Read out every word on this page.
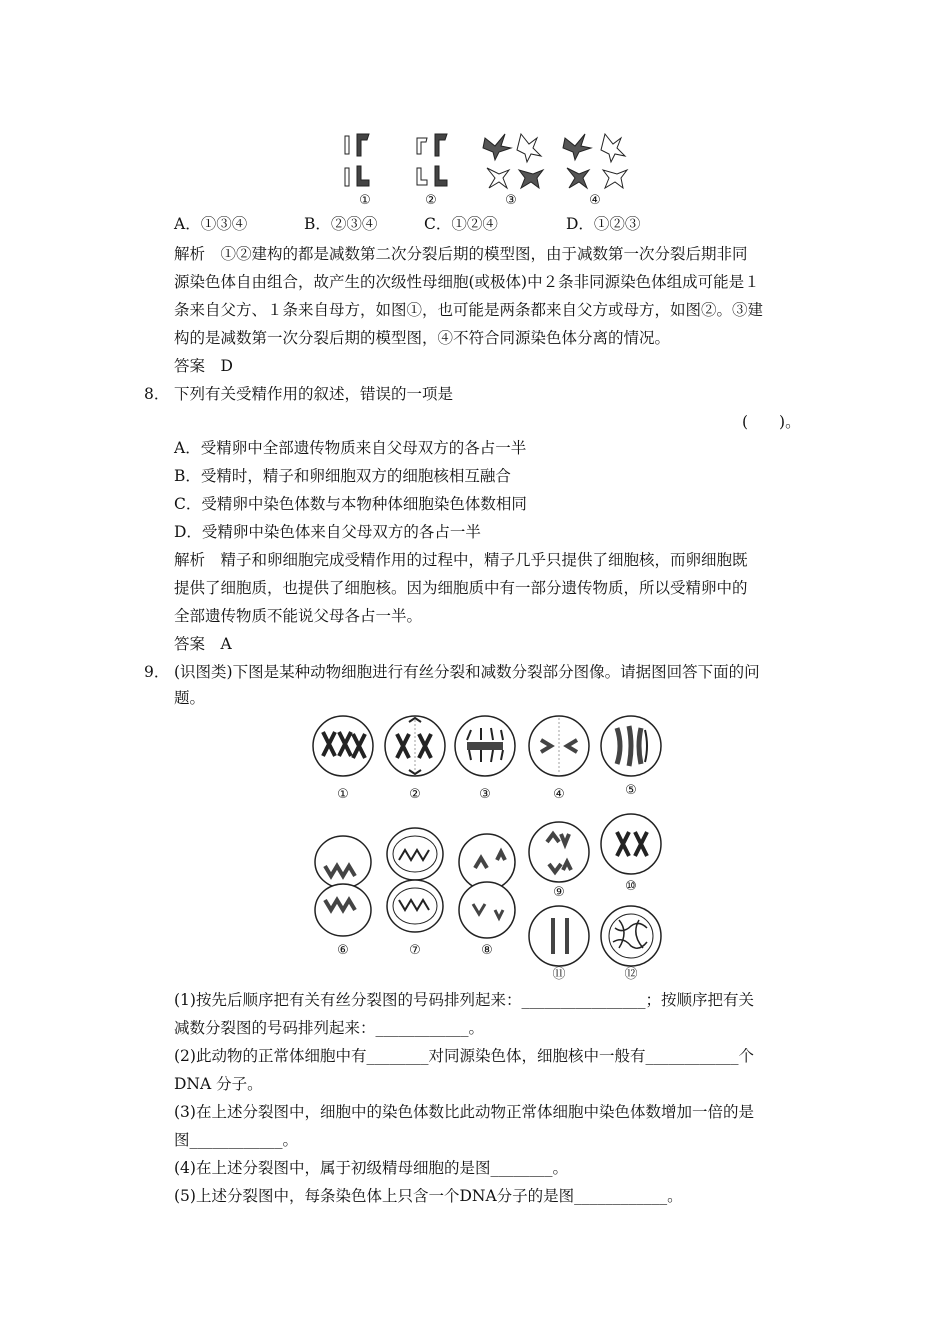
①	②	③	④
A．①③④	B．②③④	C．①②④	D．①②③
解析　①②建构的都是减数第二次分裂后期的模型图，由于减数第一次分裂后期非同
源染色体自由组合，故产生的次级性母细胞(或极体)中２条非同源染色体组成可能是１
条来自父方、１条来自母方，如图①，也可能是两条都来自父方或母方，如图②。③建
构的是减数第一次分裂后期的模型图，④不符合同源染色体分离的情况。
答案　D
8． 下列有关受精作用的叙述，错误的一项是
(　　)。
A．受精卵中全部遗传物质来自父母双方的各占一半
B．受精时，精子和卵细胞双方的细胞核相互融合
C．受精卵中染色体数与本物种体细胞染色体数相同
D．受精卵中染色体来自父母双方的各占一半
解析　精子和卵细胞完成受精作用的过程中，精子几乎只提供了细胞核，而卵细胞既
提供了细胞质，也提供了细胞核。因为细胞质中有一部分遗传物质，所以受精卵中的
全部遗传物质不能说父母各占一半。
答案　A
9． (识图类)下图是某种动物细胞进行有丝分裂和减数分裂部分图像。请据图回答下面的问
题。
①	②	③	④	⑤
⑨	⑩
⑥	⑦	⑧
⑪	⑫
(1)按先后顺序把有关有丝分裂图的号码排列起来：________________；按顺序把有关
减数分裂图的号码排列起来：____________。
(2)此动物的正常体细胞中有________对同源染色体，细胞核中一般有____________个
DNA 分子。
(3)在上述分裂图中，细胞中的染色体数比此动物正常体细胞中染色体数增加一倍的是
图____________。
(4)在上述分裂图中，属于初级精母细胞的是图________。
(5)上述分裂图中，每条染色体上只含一个DNA分子的是图____________。
